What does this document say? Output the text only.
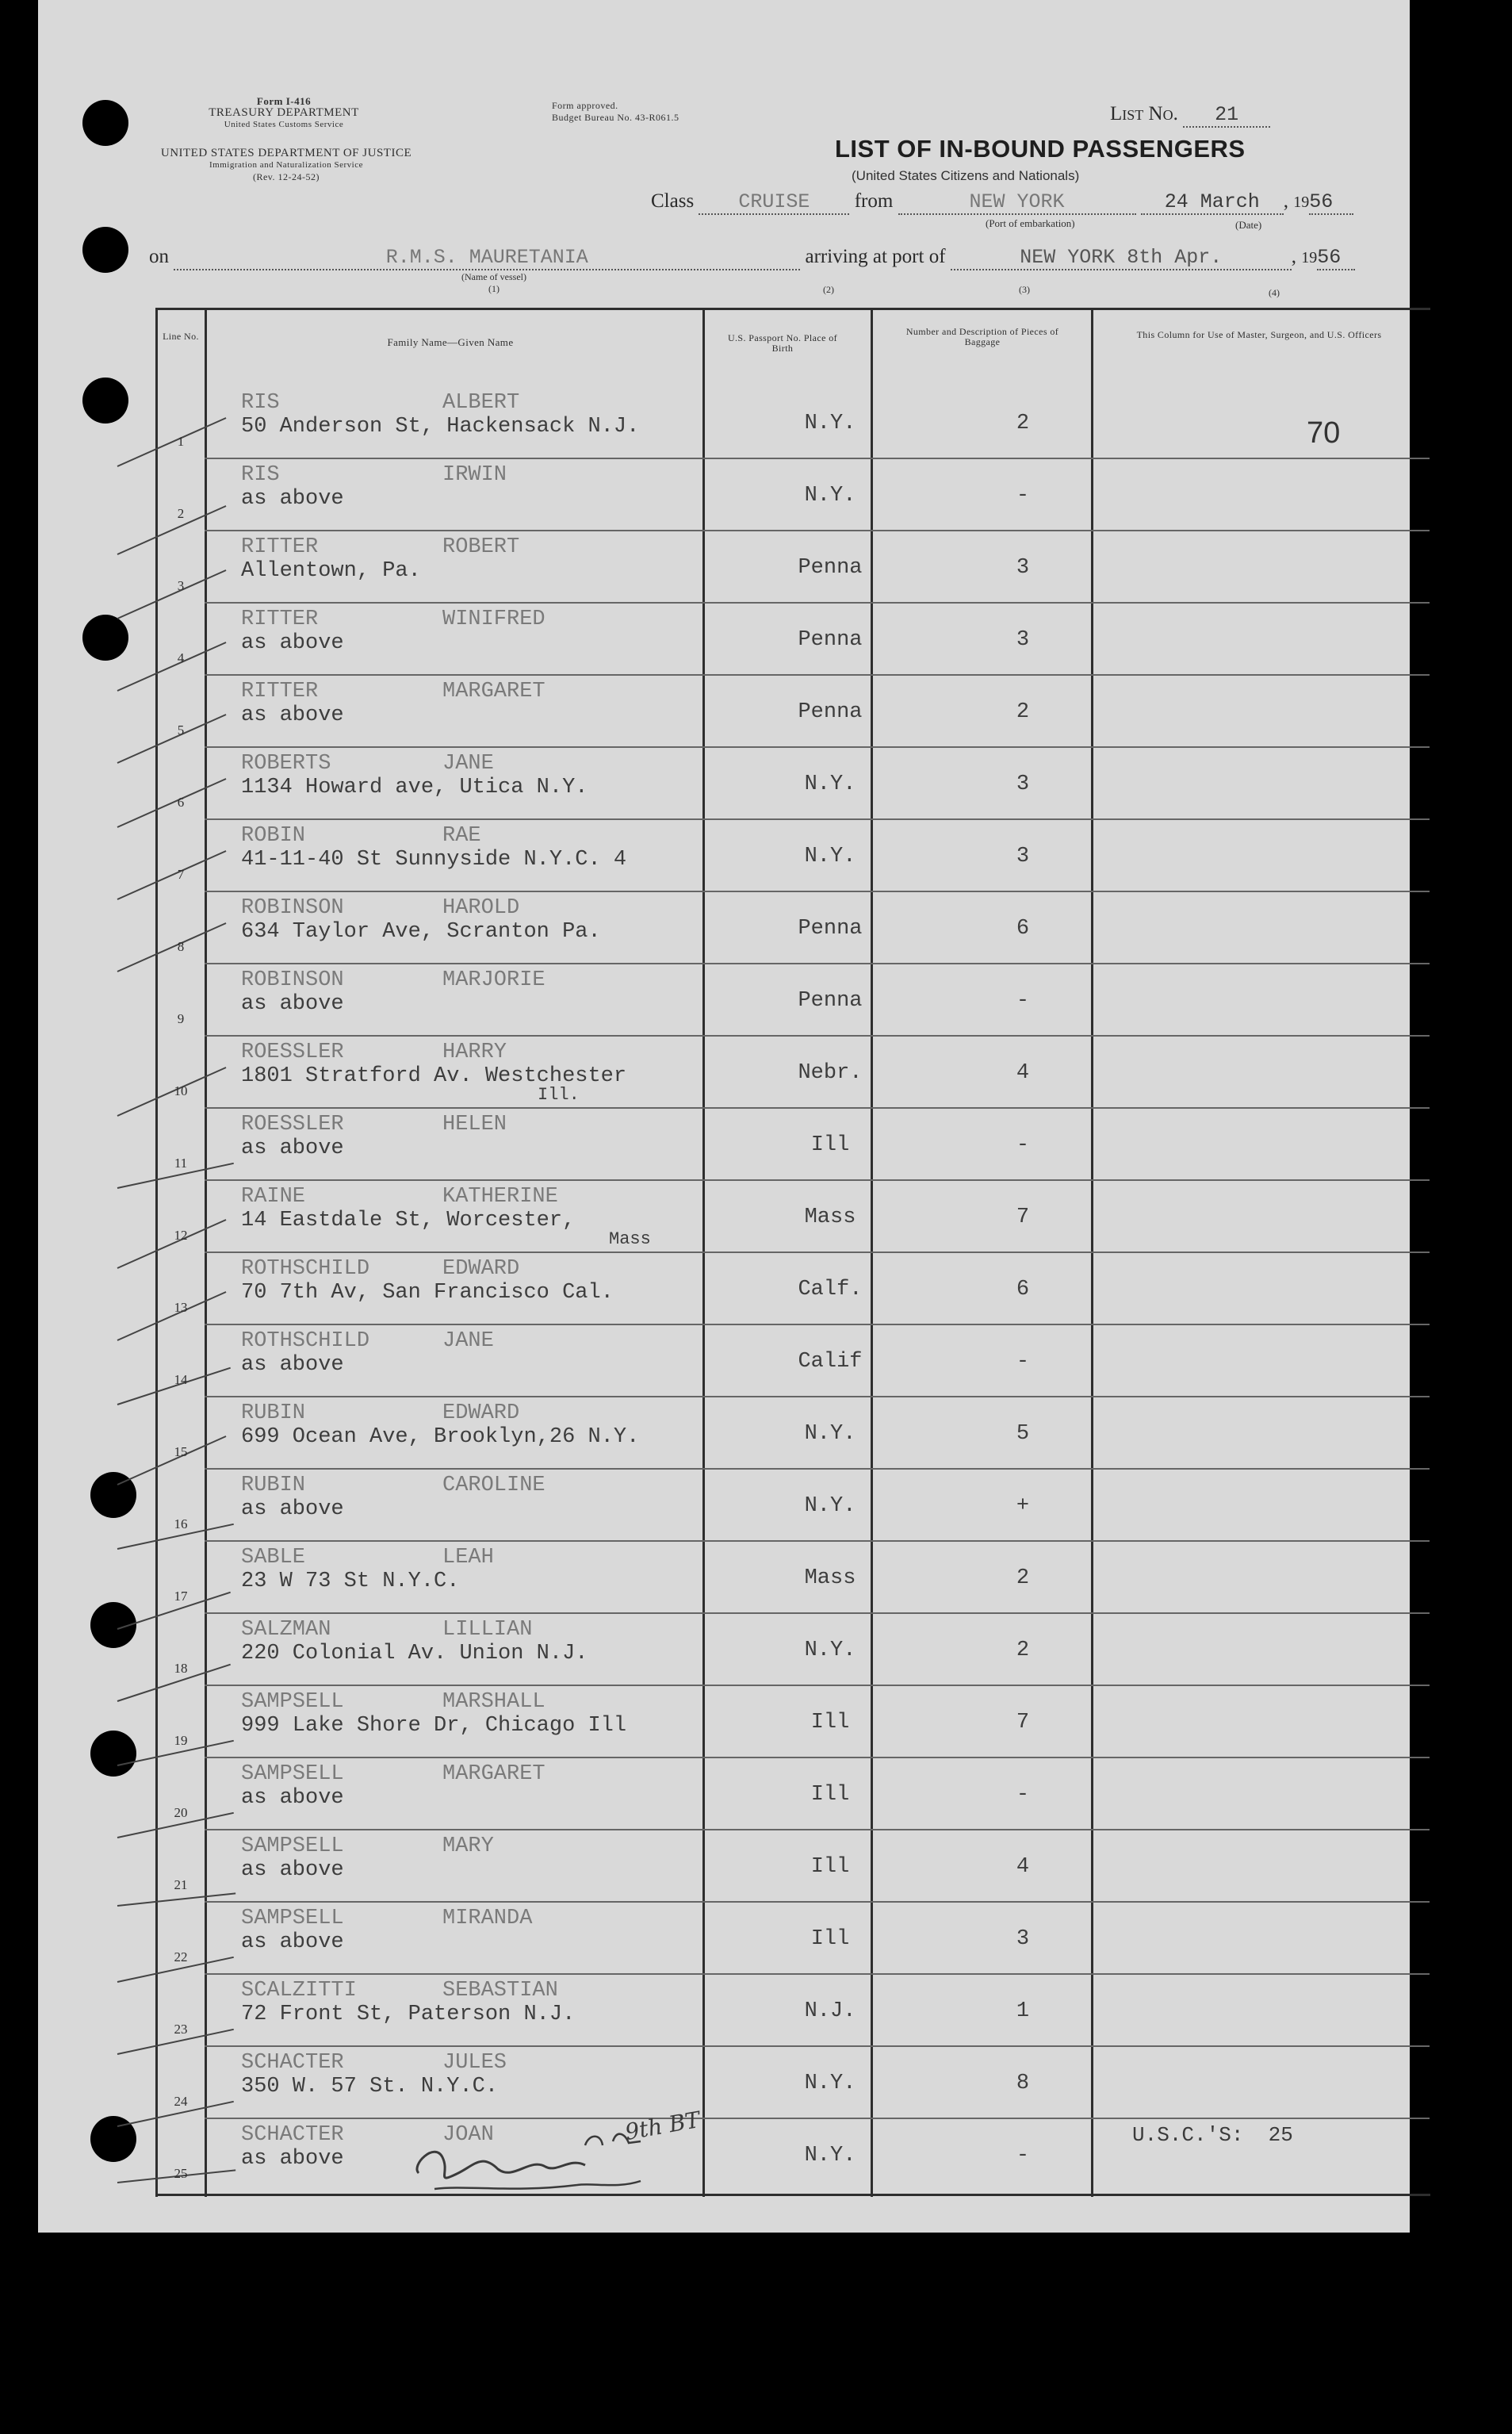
Form I-416
TREASURY DEPARTMENT
United States Customs Service
UNITED STATES DEPARTMENT OF JUSTICE
Immigration and Naturalization Service
(Rev. 12-24-52)
Form approved.
Budget Bureau No. 43-R061.5	List No. 21
LIST OF IN-BOUND PASSENGERS
(United States Citizens and Nationals)
Class CRUISE from	NEW YORK	24 March , 1956
(Port of embarkation)	(Date)
on	R.M.S. MAURETANIA	arriving at port of	NEW YORK 8th Apr.	, 1956
(Name of vessel)
(1)	(2)	(3)	(4)
Line No.	Family Name—Given Name	U.S. Passport No. Place of Birth
Number and Description of Pieces of Baggage
This Column for Use of Master, Surgeon, and U.S. Officers
1
RIS	ALBERT
50 Anderson St, Hackensack N.J.	N.Y.	2
2
RIS	IRWIN
as above	N.Y.	-
3
RITTER	ROBERT
Allentown, Pa.	Penna	3
4
RITTER	WINIFRED
as above	Penna	3
5
RITTER	MARGARET
as above	Penna	2
6
ROBERTS	JANE
1134 Howard ave, Utica N.Y.	N.Y.	3
7
ROBIN	RAE
41-11-40 St Sunnyside N.Y.C. 4	N.Y.	3
8
ROBINSON	HAROLD
634 Taylor Ave, Scranton Pa.	Penna	6
9
ROBINSON	MARJORIE
as above	Penna	-
10
ROESSLER	HARRY
1801 Stratford Av. Westchester
Ill.
Nebr.	4
11
ROESSLER	HELEN
as above	Ill	-
12
RAINE	KATHERINE
14 Eastdale St, Worcester,
Mass
Mass	7
13
ROTHSCHILD	EDWARD
70 7th Av, San Francisco Cal.	Calf.	6
14
ROTHSCHILD	JANE
as above	Calif	-
15
RUBIN	EDWARD
699 Ocean Ave, Brooklyn,26 N.Y.	N.Y.	5
16
RUBIN	CAROLINE
as above	N.Y.	+
17
SABLE	LEAH
23 W 73 St N.Y.C.	Mass	2
18
SALZMAN	LILLIAN
220 Colonial Av. Union N.J.	N.Y.	2
19
SAMPSELL	MARSHALL
999 Lake Shore Dr, Chicago Ill	Ill	7
20
SAMPSELL	MARGARET
as above	Ill	-
21
SAMPSELL	MARY
as above	Ill	4
22
SAMPSELL	MIRANDA
as above	Ill	3
23
SCALZITTI	SEBASTIAN
72 Front St, Paterson N.J.	N.J.	1
24
SCHACTER	JULES
350 W. 57 St. N.Y.C.	N.Y.	8
25
SCHACTER	JOAN
as above	N.Y.	-
U.S.C.'S:  25
70
9th BT
